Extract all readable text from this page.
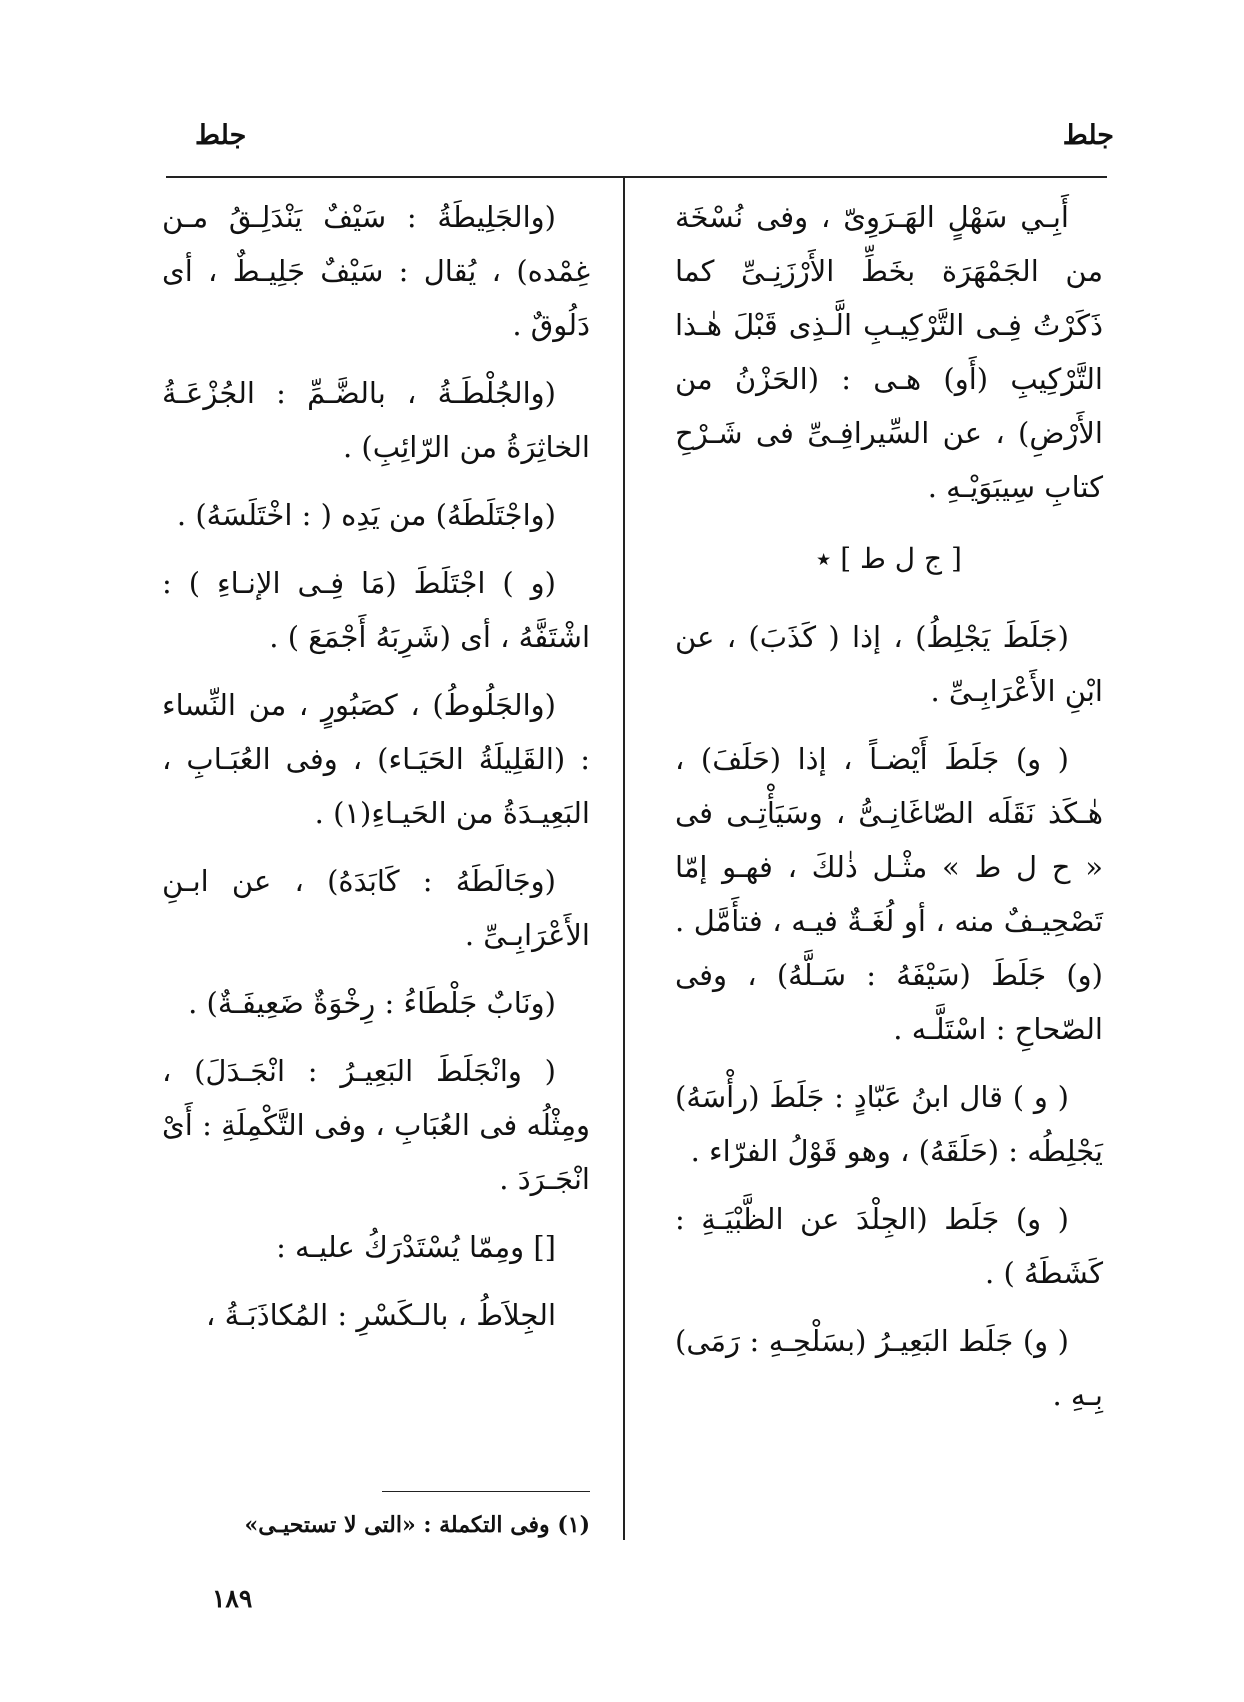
جلط
جلط

أَبِـي سَهْلٍ الهَـرَوِىّ ، وفى نُسْخَة من الجَمْهَرَة بخَطِّ الأَرْزَنِـىِّ كما ذَكَرْتُ فِـى التَّرْكِيـبِ الَّـذِى قَبْلَ هٰـذا التَّرْكِيبِ (أَو) هـى : (الحَزْنُ من الأَرْضِ) ، عن السِّيرافِـىِّ فى شَـرْحِ كتابِ سِيبَوَيْـهِ .

[ ج ل ط ] ٭

(جَلَطَ يَجْلِطُ) ، إذا ( كَذَبَ) ، عن ابْنِ الأَعْرَابِـىِّ .

( و) جَلَطَ أَيْضـاً ، إذا (حَلَفَ) ، هٰـكَذ نَقَلَه الصّاغَانِـىُّ ، وسَيَأْتِـى فى « ح ل ط » مثْـل ذٰلكَ ، فهـو إمّا تَصْحِيـفٌ منه ، أو لُغَـةٌ فيـه ، فتأَمَّل . (و) جَلَطَ (سَيْفَهُ : سَـلَّهُ) ، وفى الصّحاحِ : اسْتَلَّـه .

( و ) قال ابنُ عَبّادٍ : جَلَطَ (رأْسَهُ) يَجْلِطُه : (حَلَقَهُ) ، وهو قَوْلُ الفرّاء .

( و) جَلَط (الجِلْدَ عن الظَّبْيَـةِ : كَشَطَهُ ) .

( و) جَلَط البَعِيـرُ (بسَلْحِـهِ : رَمَى) بِـهِ .

(والجَلِيطَةُ : سَيْفٌ يَنْدَلِـقُ مـن غِمْده) ، يُقال : سَيْفٌ جَلِيـطٌ ، أى دَلُوقٌ .

(والجُلْطَـةُ ، بالضَّـمِّ : الجُزْعَـةُ الخاثِرَةُ من الرّائِبِ) .

(واجْتَلَطَهُ) من يَدِه ( : اخْتَلَسَهُ) .

(و ) اجْتَلَطَ (مَا فِـى الإنـاءِ ) : اشْتَفَّهُ ، أى (شَرِبَهُ أَجْمَعَ ) .

(والجَلُوطُ) ، كصَبُورٍ ، من النِّساء : (القَلِيلَةُ الحَيَـاء) ، وفى العُبَـابِ ، البَعِيـدَةُ من الحَيـاءِ(١) .

(وجَالَطَهُ : كَابَدَهُ) ، عن ابـنِ الأَعْرَابِـىِّ .

(ونَابٌ جَلْطَاءُ : رِخْوَةٌ ضَعِيفَـةٌ) .

( وانْجَلَطَ البَعِيـرُ : انْجَـدَلَ) ، ومِثْلُه فى العُبَابِ ، وفى التَّكْمِلَةِ : أَىْ انْجَـرَدَ .

[] ومِمّا يُسْتَدْرَكُ عليـه :

الجِلاَطُ ، بالـكَسْرِ : المُكاذَبَـةُ ،

(١) وفى التكملة : «التى لا تستحيـى»
١٨٩
